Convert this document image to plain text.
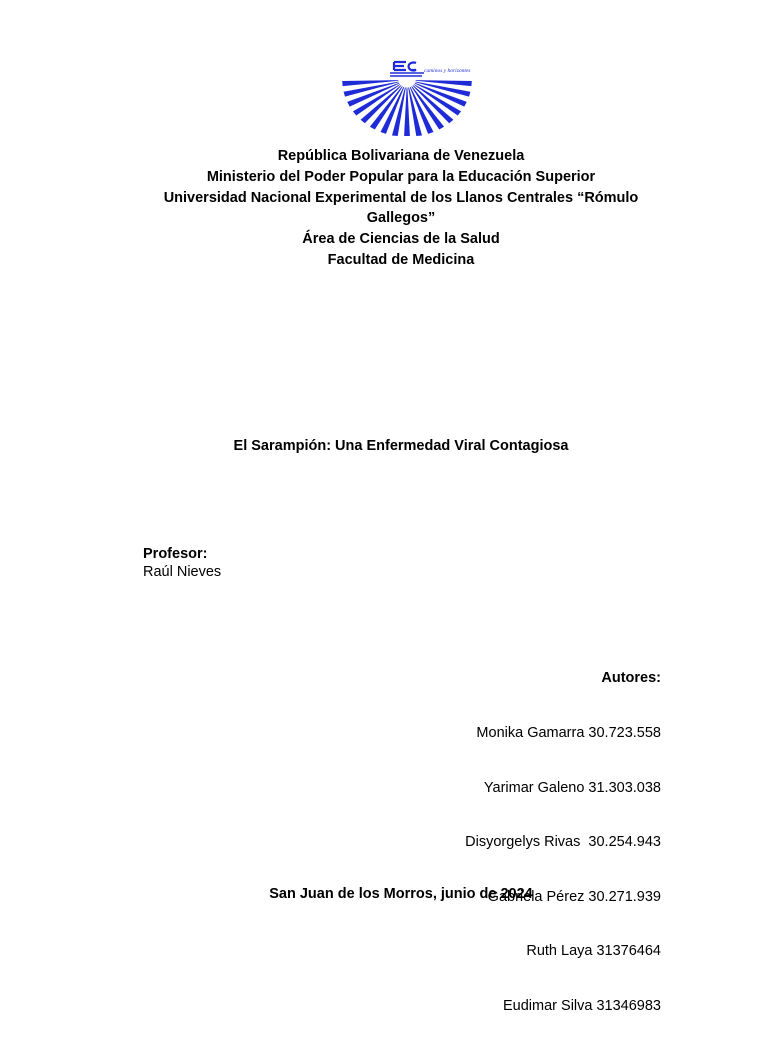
caminos y horizontes
República Bolivariana de Venezuela
Ministerio del Poder Popular para la Educación Superior
Universidad Nacional Experimental de los Llanos Centrales “Rómulo
Gallegos”
Área de Ciencias de la Salud
Facultad de Medicina
El Sarampión: Una Enfermedad Viral Contagiosa
Profesor:
Raúl Nieves

Autores:

Monika Gamarra 30.723.558

Yarimar Galeno 31.303.038

Disyorgelys Rivas  30.254.943

Gabriela Pérez 30.271.939

Ruth Laya 31376464

Eudimar Silva 31346983

San Juan de los Morros, junio de 2024
